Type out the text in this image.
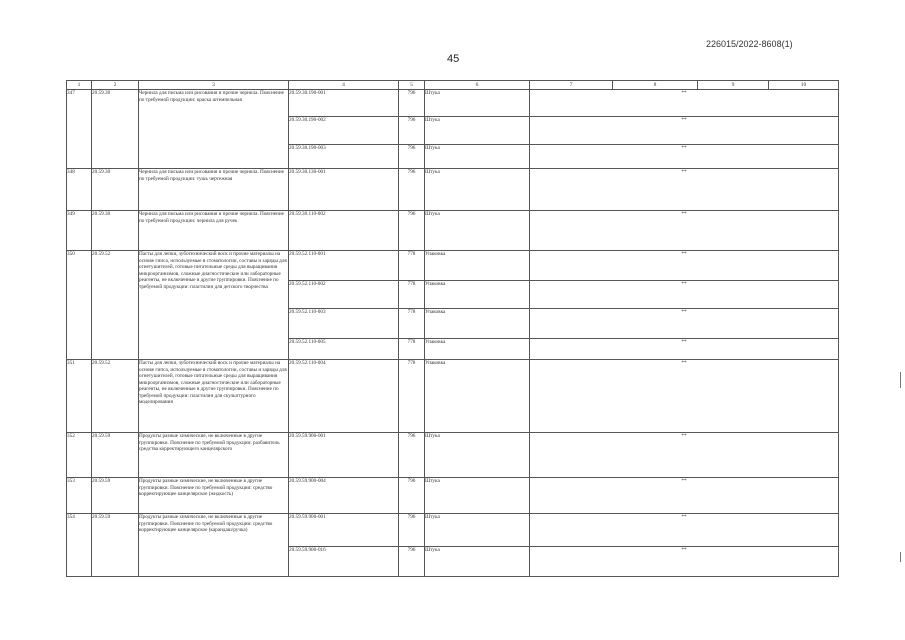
226015/2022-8608(1)
45
1	2	3	4	5	6	7	8	9	10
347	20.59.30	Чернила для письма или рисования и прочие чернила. Пояснение по требуемой продукции: краска штемпельная	20.59.30.190-001	796	Штука	**			
			20.59.30.190-002	796	Штука	**			
			20.59.30.190-003	796	Штука	**			
348	20.59.30	Чернила для письма или рисования и прочие чернила. Пояснение по требуемой продукции: тушь чертежная	20.59.30.130-001	796	Штука	**			
349	20.59.30	Чернила для письма или рисования и прочие чернила. Пояснение по требуемой продукции: чернила для ручек	20.59.30.110-002	796	Штука	**			
350	20.59.52	Пасты для лепки, зуботехнический воск и прочие материалы на основе гипса, используемые в стоматологии, составы и заряды для огнетушителей, готовые питательные среды для выращивания микроорганизмов, сложные диагностические или лабораторные реагенты, не включенные в другие группировки. Пояснение по требуемой продукции: пластилин для детского творчества	20.59.52.110-001	778	Упаковка	**			
			20.59.52.110-002	778	Упаковка	**			
			20.59.52.110-003	778	Упаковка	**			
			20.59.52.110-005	778	Упаковка	**			
351	20.59.52	Пасты для лепки, зуботехнический воск и прочие материалы на основе гипса, используемые в стоматологии, составы и заряды для огнетушителей, готовые питательные среды для выращивания микроорганизмов, сложные диагностические или лабораторные реагенты, не включенные в другие группировки. Пояснение по требуемой продукции: пластилин для скульптурного моделирования	20.59.52.110-004	778	Упаковка	**			
352	20.59.59	Продукты разные химические, не включенные в другие группировки. Пояснение по требуемой продукции: разбавитель средства корректирующего канцелярского	20.59.59.900-001	796	Штука	**			
353	20.59.59	Продукты разные химические, не включенные в другие группировки. Пояснение по требуемой продукции: средство корректирующее канцелярское (жидкость)	20.59.59.900-004	796	Штука	**			
354	20.59.59	Продукты разные химические, не включенные в другие группировки. Пояснение по требуемой продукции: средство корректирующее канцелярское (карандаш/ручка)	20.59.59.900-001	796	Штука	**			
			20.59.59.900-016	796	Штука	**			
